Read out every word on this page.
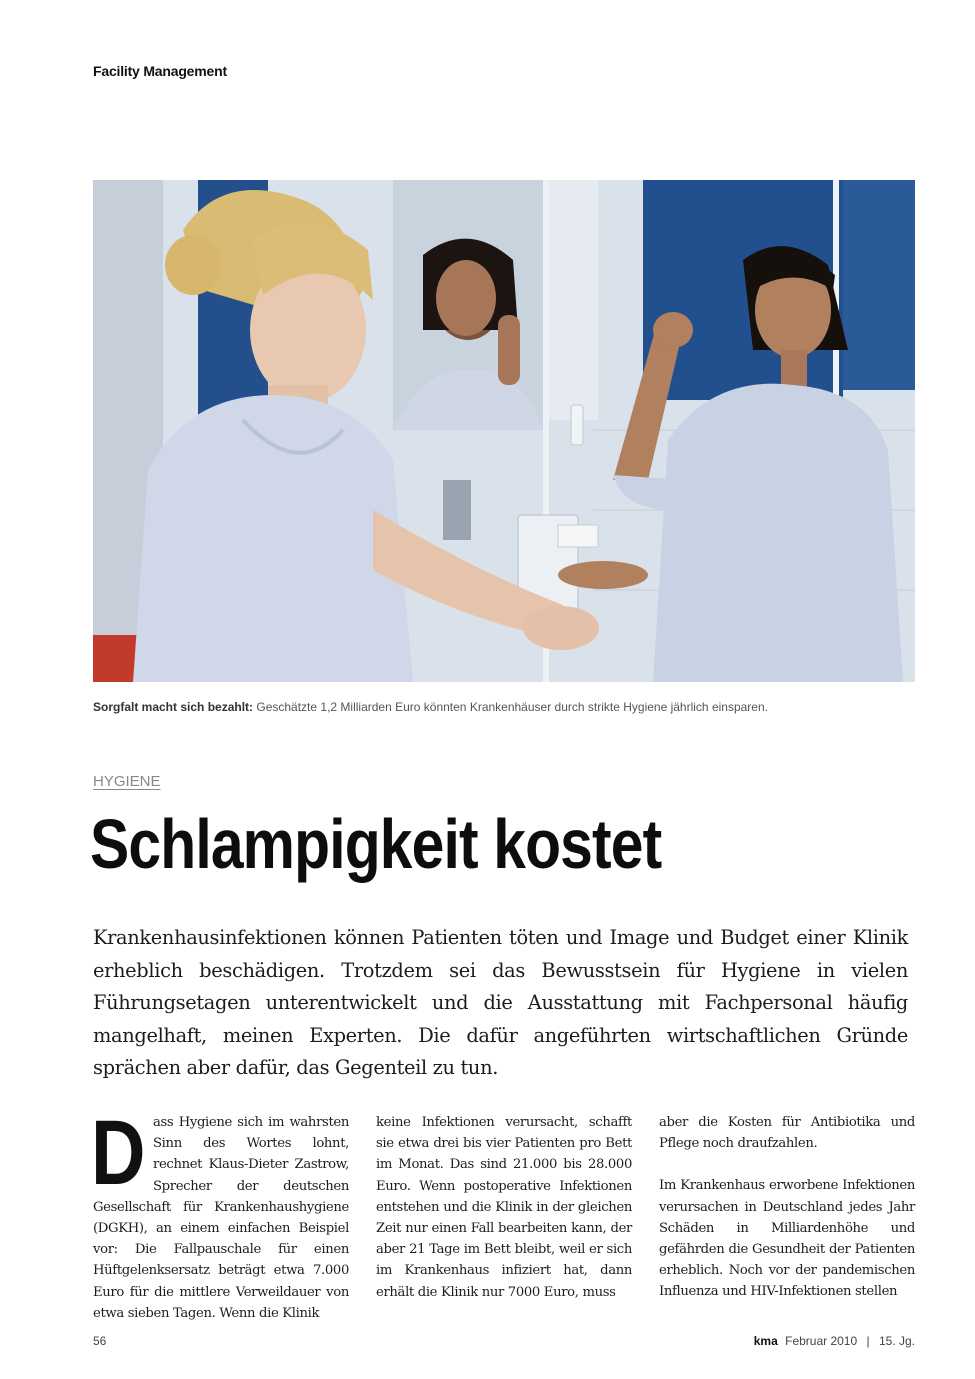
Facility Management
Sorgfalt macht sich bezahlt: Geschätzte 1,2 Milliarden Euro könnten Krankenhäuser durch strikte Hygiene jährlich einsparen.
HYGIENE
Schlampigkeit kostet

Krankenhausinfektionen können Patienten töten und Image und Budget einer Klinik erheblich beschädigen. Trotzdem sei das Bewusstsein für Hygiene in vielen Führungsetagen unterentwickelt und die Ausstattung mit Fachpersonal häufig mangelhaft, meinen Experten. Die dafür angeführten wirtschaftlichen Gründe sprächen aber dafür, das Gegenteil zu tun.

D ass Hygiene sich im wahrsten Sinn des Wortes lohnt, rechnet Klaus-Dieter Zastrow, Sprecher der deutschen Gesellschaft für Krankenhaushygiene (DGKH), an einem einfachen Beispiel vor: Die Fallpauschale für einen Hüftgelenksersatz beträgt etwa 7.000 Euro für die mittlere Verweildauer von etwa sieben Tagen. Wenn die Klinik

keine Infektionen verursacht, schafft sie etwa drei bis vier Patienten pro Bett im Monat. Das sind 21.000 bis 28.000 Euro. Wenn postoperative Infektionen entstehen und die Klinik in der gleichen Zeit nur einen Fall bearbeiten kann, der aber 21 Tage im Bett bleibt, weil er sich im Krankenhaus infiziert hat, dann erhält die Klinik nur 7000 Euro, muss

aber die Kosten für Antibiotika und Pflege noch draufzahlen.

Im Krankenhaus erworbene Infektionen verursachen in Deutschland jedes Jahr Schäden in Milliardenhöhe und gefährden die Gesundheit der Patienten erheblich. Noch vor der pandemischen Influenza und HIV-Infektionen stellen

56	kma Februar 2010 | 15. Jg.
